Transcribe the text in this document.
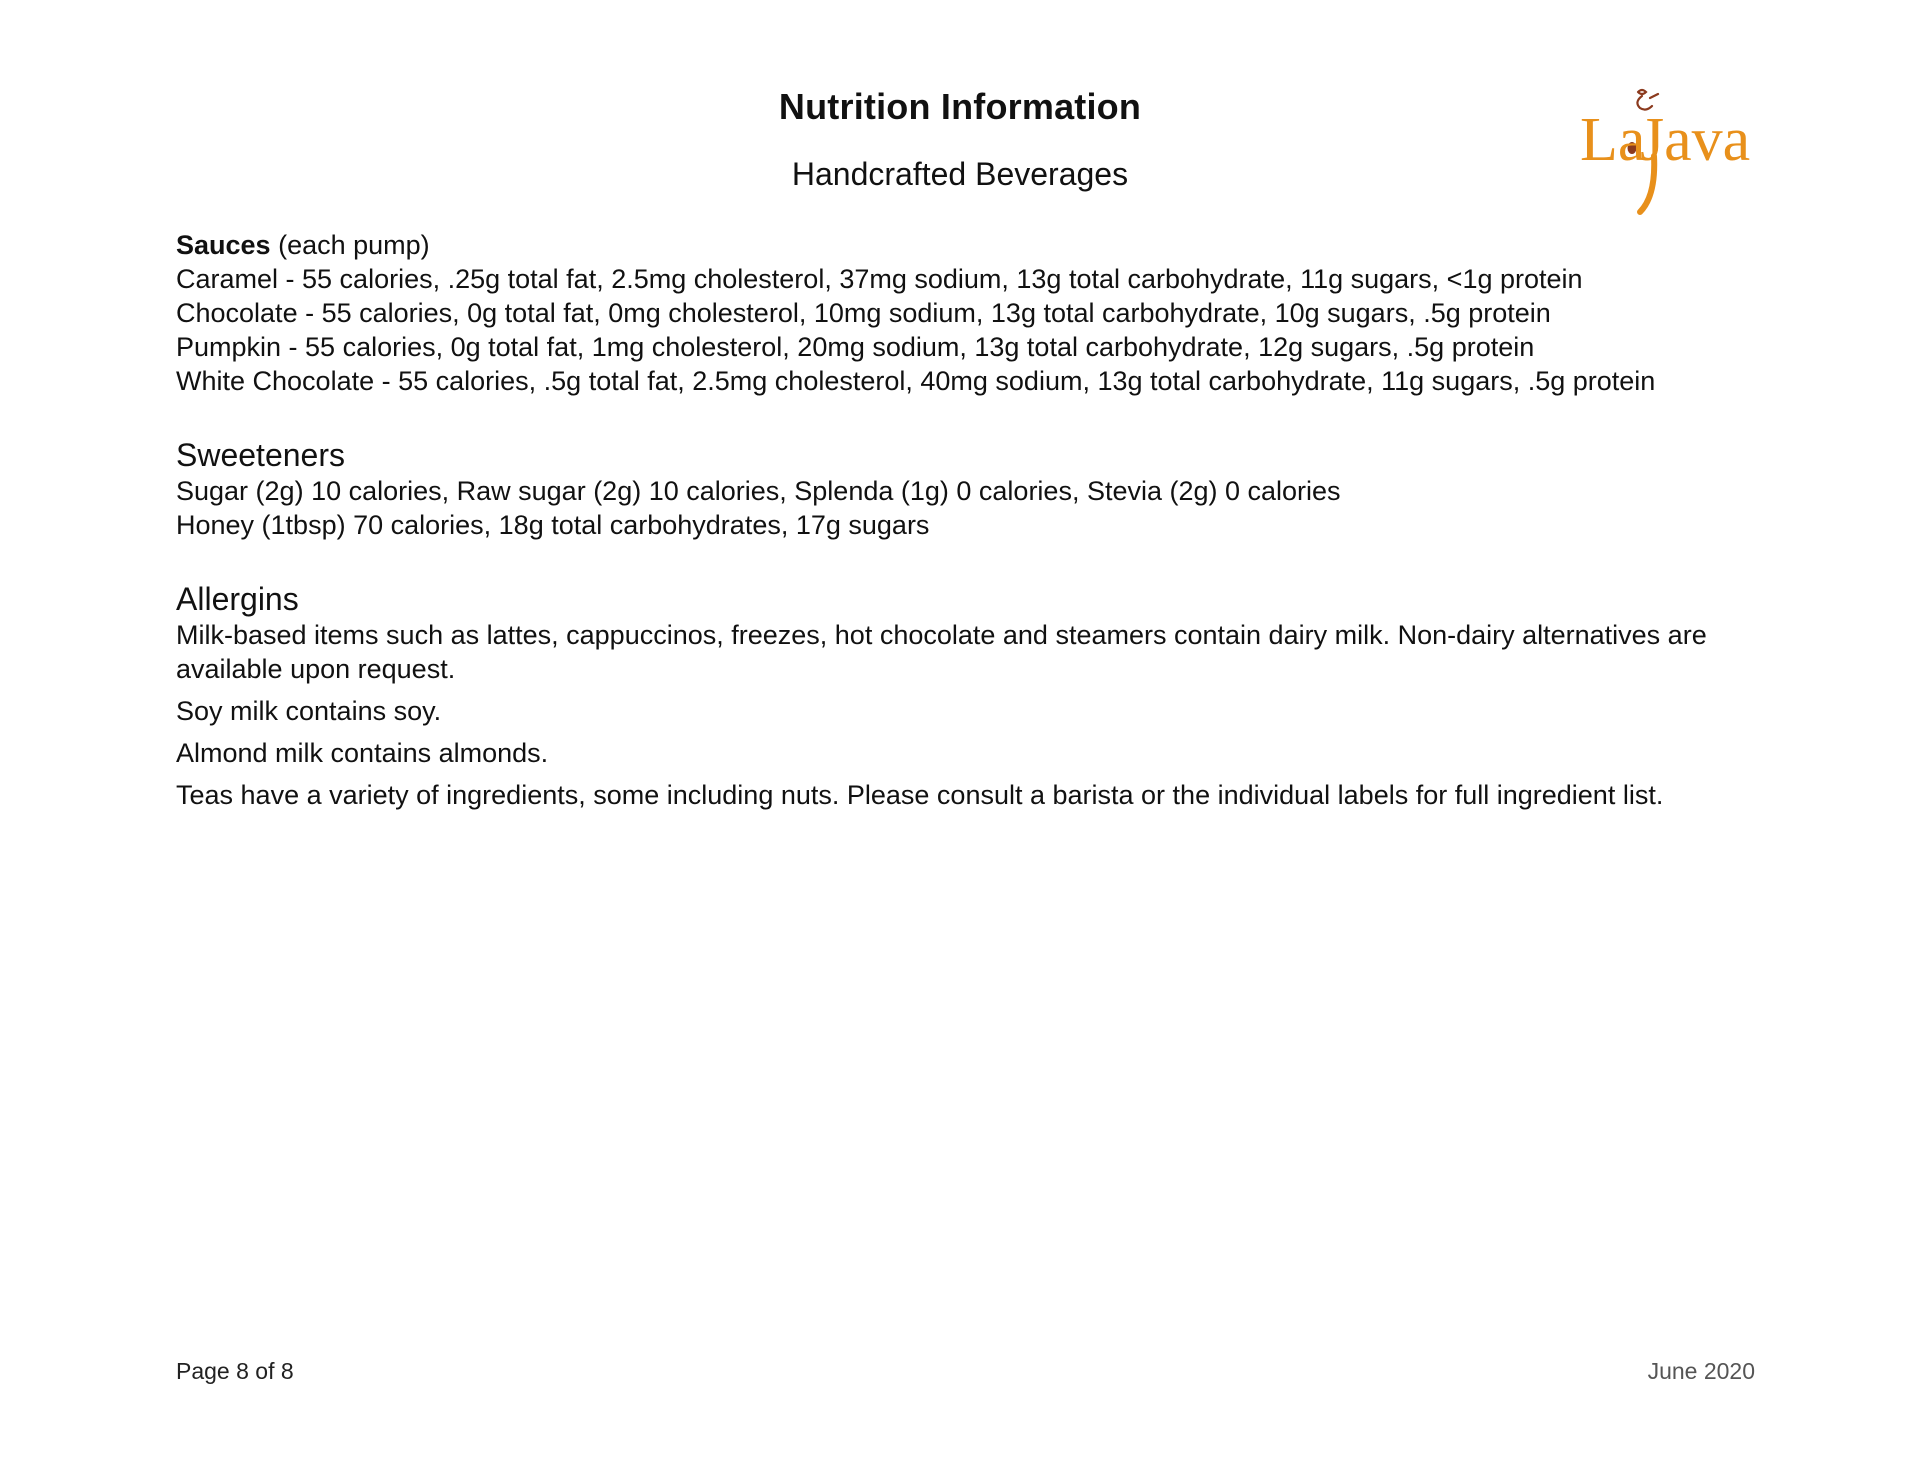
Nutrition Information
Handcrafted Beverages	La
Java
Sauces (each pump)
Caramel - 55 calories, .25g total fat, 2.5mg cholesterol, 37mg sodium, 13g total carbohydrate, 11g sugars, <1g protein
Chocolate - 55 calories, 0g total fat, 0mg cholesterol, 10mg sodium, 13g total carbohydrate, 10g sugars, .5g protein
Pumpkin - 55 calories, 0g total fat, 1mg cholesterol, 20mg sodium, 13g total carbohydrate, 12g sugars, .5g protein
White Chocolate - 55 calories, .5g total fat, 2.5mg cholesterol, 40mg sodium, 13g total carbohydrate, 11g sugars, .5g protein
Sweeteners
Sugar (2g) 10 calories, Raw sugar (2g) 10 calories, Splenda (1g) 0 calories, Stevia (2g) 0 calories
Honey (1tbsp) 70 calories, 18g total carbohydrates, 17g sugars
Allergins

Milk-based items such as lattes, cappuccinos, freezes, hot chocolate and steamers contain dairy milk. Non-dairy alternatives are available upon request.

Soy milk contains soy.

Almond milk contains almonds.

Teas have a variety of ingredients, some including nuts. Please consult a barista or the individual labels for full ingredient list.

Page 8 of 8	June 2020
